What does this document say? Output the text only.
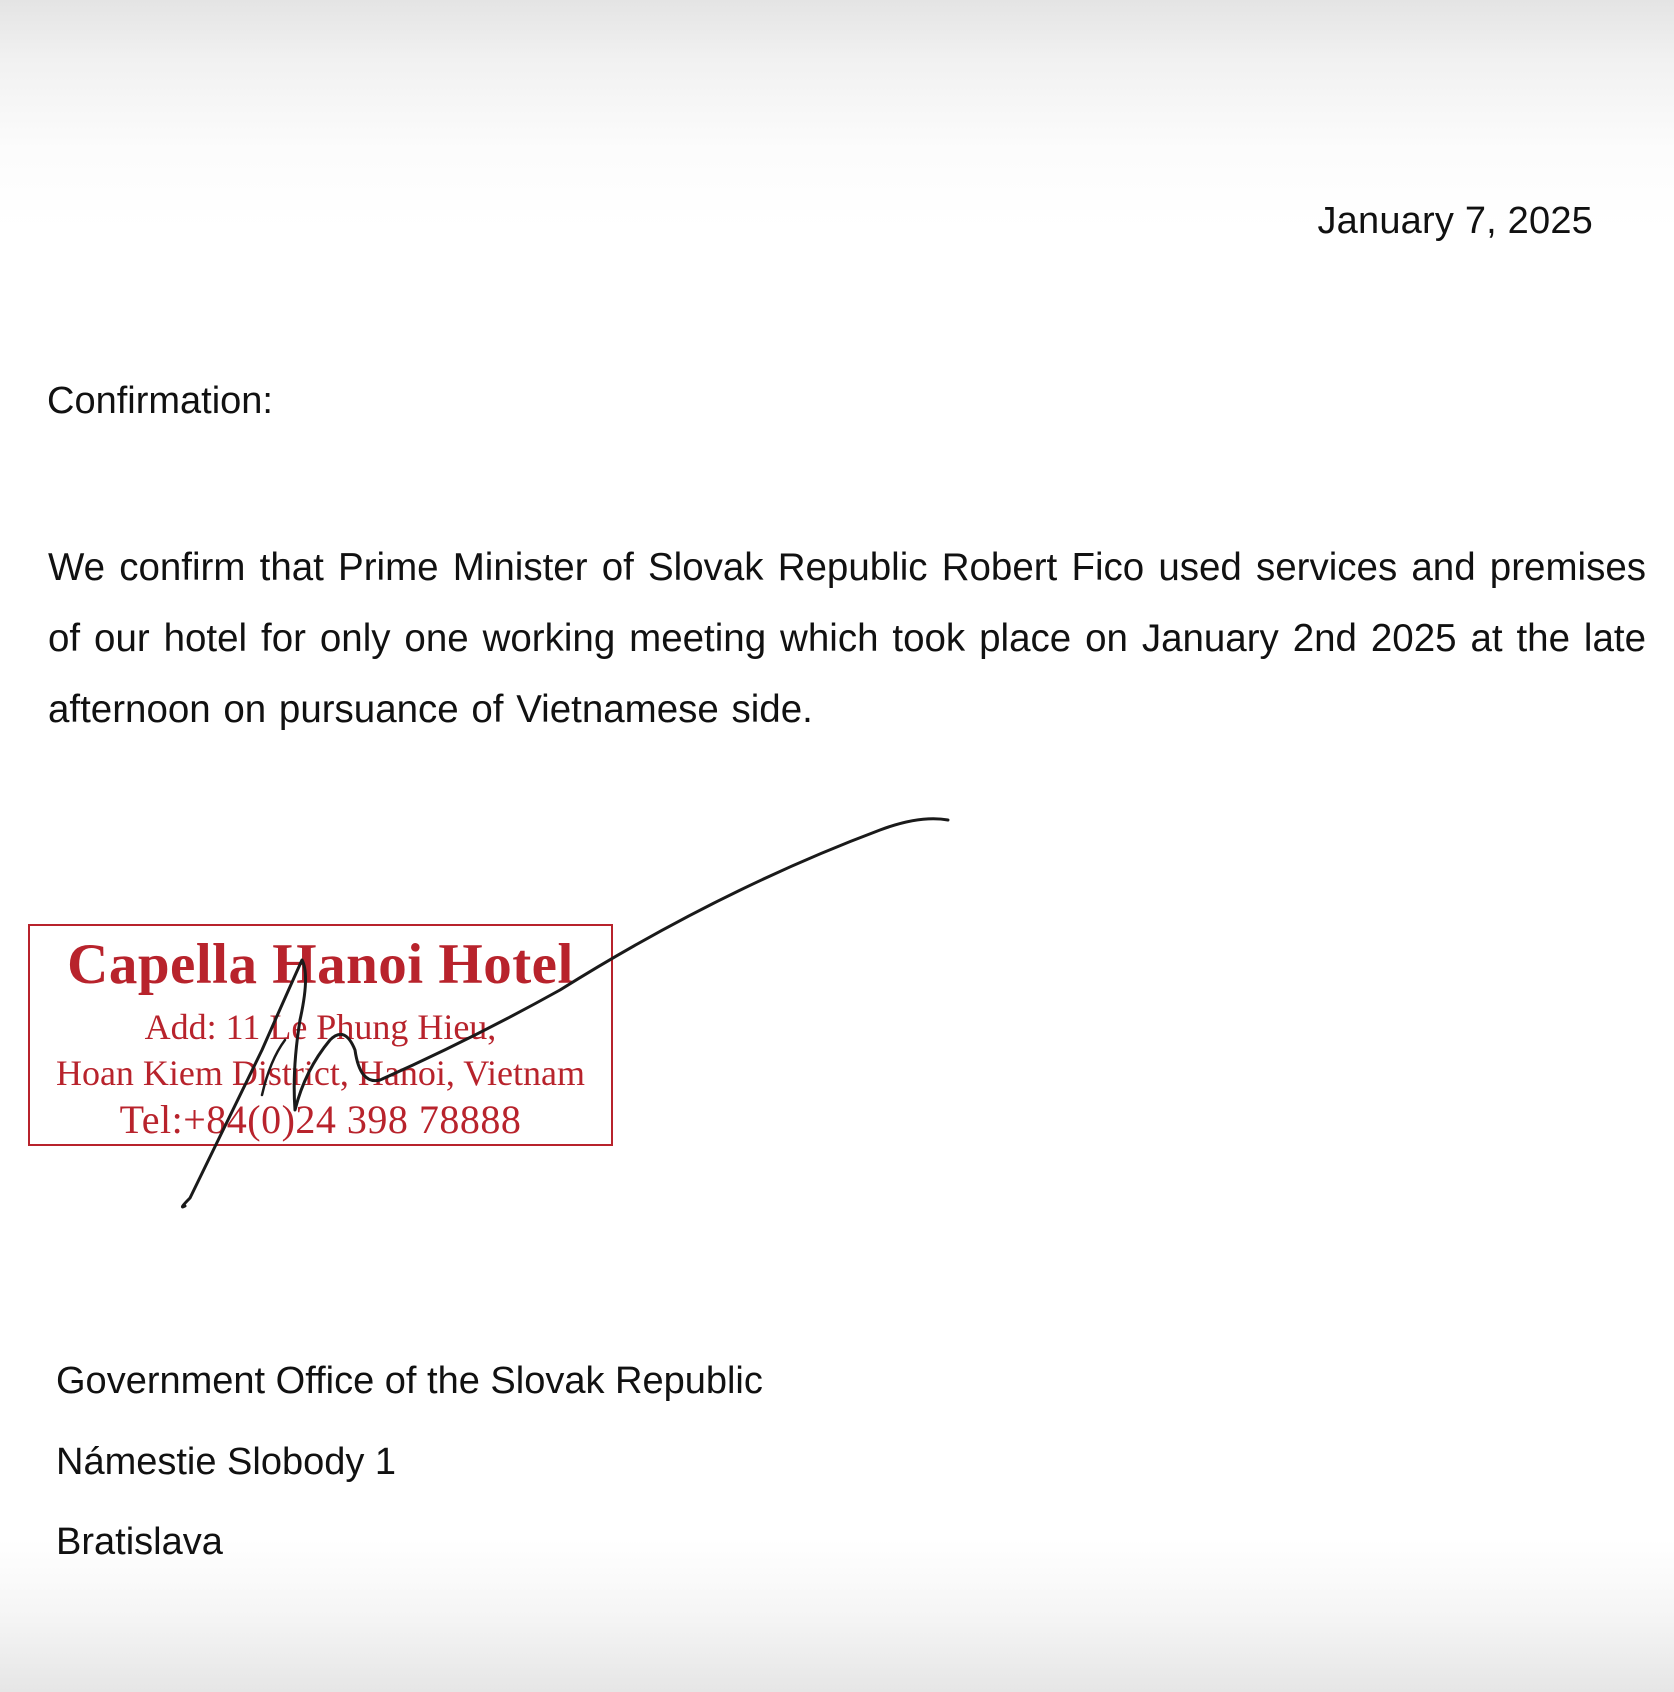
January 7, 2025
Confirmation:
We confirm that Prime Minister of Slovak Republic Robert Fico used services and premises of our hotel for only one working meeting which took place on January 2nd 2025 at the late afternoon on pursuance of Vietnamese side.
Capella Hanoi Hotel
Add: 11 Le Phung Hieu,
Hoan Kiem District, Hanoi, Vietnam
Tel:+84(0)24 398 78888
Government Office of the Slovak Republic
Námestie Slobody 1
Bratislava
